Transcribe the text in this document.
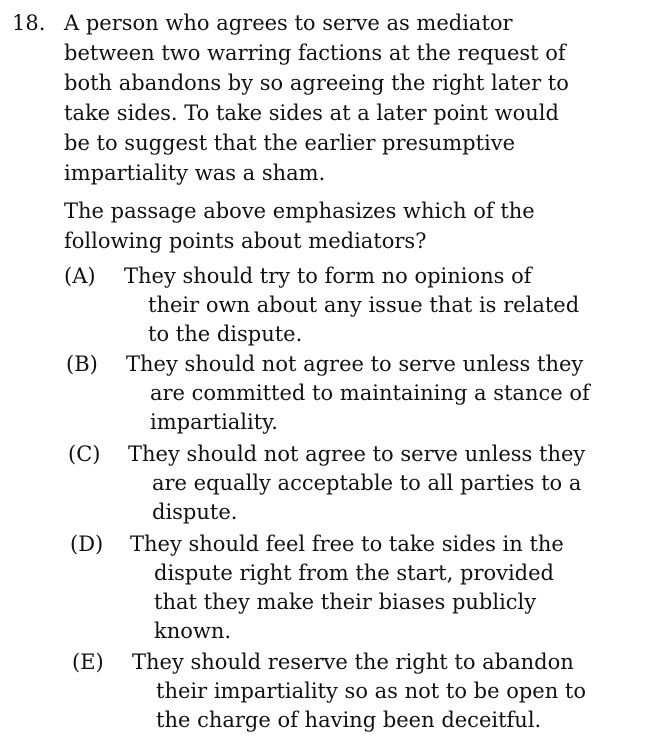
18. A person who agrees to serve as mediator
between two warring factions at the request of
both abandons by so agreeing the right later to
take sides. To take sides at a later point would
be to suggest that the earlier presumptive
impartiality was a sham.
The passage above emphasizes which of the
following points about mediators?
(A) They should try to form no opinions of
their own about any issue that is related
to the dispute.
(B) They should not agree to serve unless they
are committed to maintaining a stance of
impartiality.
(C) They should not agree to serve unless they
are equally acceptable to all parties to a
dispute.
(D) They should feel free to take sides in the
dispute right from the start, provided
that they make their biases publicly
known.
(E) They should reserve the right to abandon
their impartiality so as not to be open to
the charge of having been deceitful.
